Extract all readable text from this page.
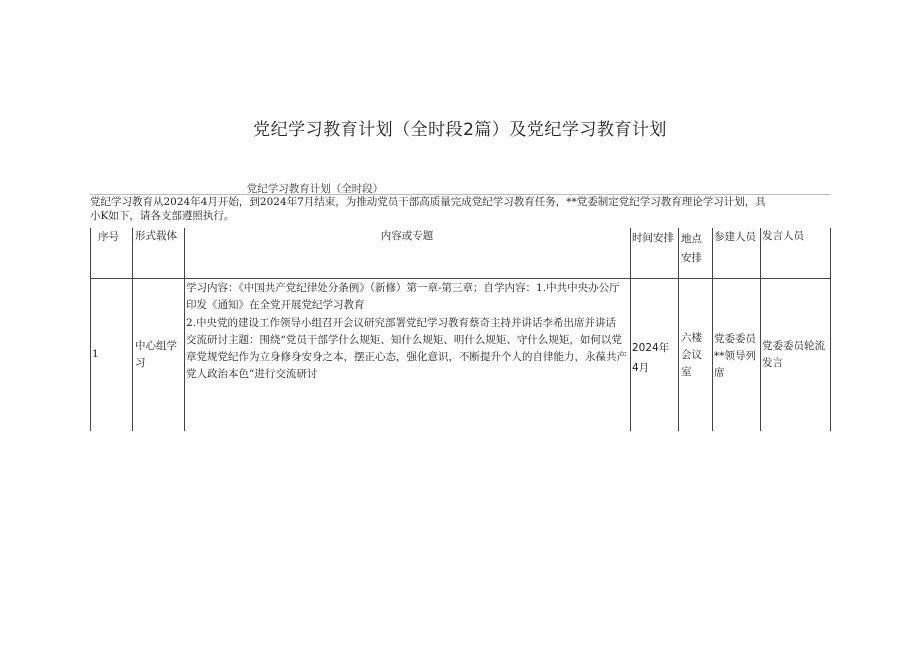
党纪学习教育计划（全时段2篇）及党纪学习教育计划
党纪学习教育计划（全时段）
党纪学习教育从2024年4月开始，到2024年7月结束，为推动党员干部高质量完成党纪学习教育任务，**党委制定党纪学习教育理论学习计划，具小K如下，请各支部遵照执行。
序号 形式载体	内容或专题	时间安排 地点安排
参建人员 发言人员
1
中心组学习
学习内容：《中国共产党纪律处分条例》（新修）第一章-第三章；自学内容：1.中共中央办公厅印发《通知》在全党开展党纪学习教育
2.中央党的建设工作领导小组召开会议研究部署党纪学习教育蔡奇主持并讲话李希出席并讲话
交流研讨主题：围绕“党员干部学什么规矩、知什么规矩、明什么规矩、守什么规矩，如何以党章党规党纪作为立身修身安身之本，摆正心态，强化意识，不断提升个人的自律能力，永葆共产党人政治本色”进行交流研讨
2024年4月
六楼会议室
党委委员**领导列席
党委委员轮流发言
